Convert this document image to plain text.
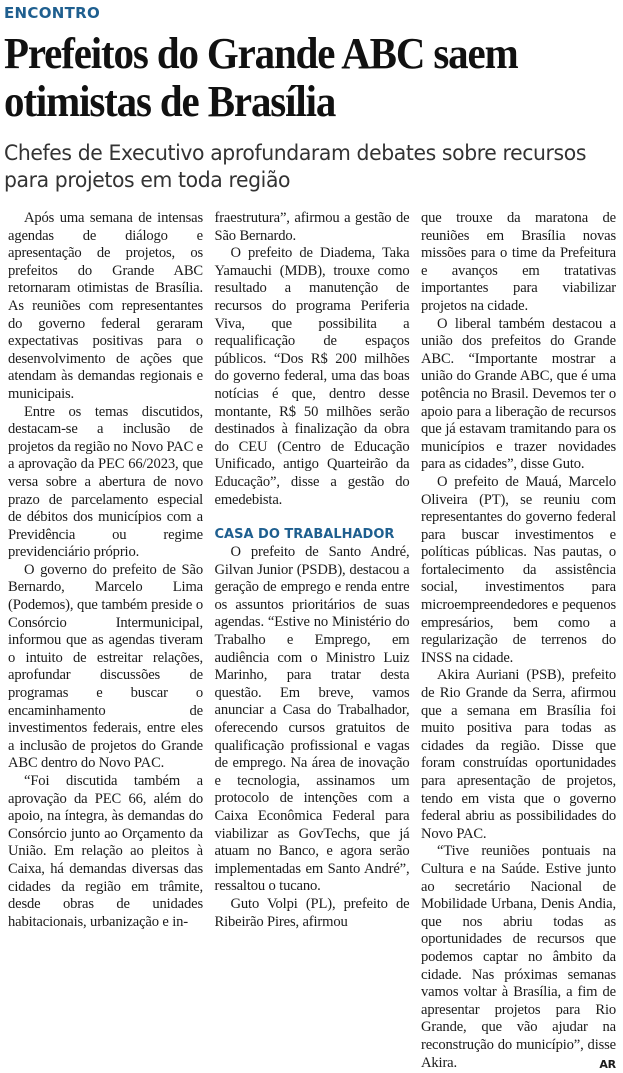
ENCONTRO
Prefeitos do Grande ABC saem otimistas de Brasília

Chefes de Executivo aprofundaram debates sobre recursos para projetos em toda região

Após uma semana de intensas agendas de diálogo e apresentação de projetos, os prefeitos do Grande ABC retornaram otimistas de Brasília. As reuniões com representantes do governo federal geraram expectativas positivas para o desenvolvimento de ações que atendam às demandas regionais e municipais.

Entre os temas discutidos, destacam-se a inclusão de projetos da região no Novo PAC e a aprovação da PEC 66/2023, que versa sobre a abertura de novo prazo de parcelamento especial de débitos dos municípios com a Previdência ou regime previdenciário próprio.

O governo do prefeito de São Bernardo, Marcelo Lima (Podemos), que também preside o Consórcio Intermunicipal, informou que as agendas tiveram o intuito de estreitar relações, aprofundar discussões de programas e buscar o encaminhamento de investimentos federais, entre eles a inclusão de projetos do Grande ABC dentro do Novo PAC.

“Foi discutida também a aprovação da PEC 66, além do apoio, na íntegra, às demandas do Consórcio junto ao Orçamento da União. Em relação ao pleitos à Caixa, há demandas diversas das cidades da região em trâmite, desde obras de unidades habitacionais, urbanização e in-

fraestrutura”, afirmou a gestão de São Bernardo.

O prefeito de Diadema, Taka Yamauchi (MDB), trouxe como resultado a manutenção de recursos do programa Periferia Viva, que possibilita a requalificação de espaços públicos. “Dos R$ 200 milhões do governo federal, uma das boas notícias é que, dentro desse montante, R$ 50 milhões serão destinados à finalização da obra do CEU (Centro de Educação Unificado, antigo Quarteirão da Educação”, disse a gestão do emedebista.

CASA DO TRABALHADOR

O prefeito de Santo André, Gilvan Junior (PSDB), destacou a geração de emprego e renda entre os assuntos prioritários de suas agendas. “Estive no Ministério do Trabalho e Emprego, em audiência com o Ministro Luiz Marinho, para tratar desta questão. Em breve, vamos anunciar a Casa do Trabalhador, oferecendo cursos gratuitos de qualificação profissional e vagas de emprego. Na área de inovação e tecnologia, assinamos um protocolo de intenções com a Caixa Econômica Federal para viabilizar as GovTechs, que já atuam no Banco, e agora serão implementadas em Santo André”, ressaltou o tucano.

Guto Volpi (PL), prefeito de Ribeirão Pires, afirmou

que trouxe da maratona de reuniões em Brasília novas missões para o time da Prefeitura e avanços em tratativas importantes para viabilizar projetos na cidade.

O liberal também destacou a união dos prefeitos do Grande ABC. “Importante mostrar a união do Grande ABC, que é uma potência no Brasil. Devemos ter o apoio para a liberação de recursos que já estavam tramitando para os municípios e trazer novidades para as cidades”, disse Guto.

O prefeito de Mauá, Marcelo Oliveira (PT), se reuniu com representantes do governo federal para buscar investimentos e políticas públicas. Nas pautas, o fortalecimento da assistência social, investimentos para microempreendedores e pequenos empresários, bem como a regularização de terrenos do INSS na cidade.

Akira Auriani (PSB), prefeito de Rio Grande da Serra, afirmou que a semana em Brasília foi muito positiva para todas as cidades da região. Disse que foram construídas oportunidades para apresentação de projetos, tendo em vista que o governo federal abriu as possibilidades do Novo PAC.

“Tive reuniões pontuais na Cultura e na Saúde. Estive junto ao secretário Nacional de Mobilidade Urbana, Denis Andia, que nos abriu todas as oportunidades de recursos que podemos captar no âmbito da cidade. Nas próximas semanas vamos voltar à Brasília, a fim de apresentar projetos para Rio Grande, que vão ajudar na reconstrução do município”, disse Akira.	AR
